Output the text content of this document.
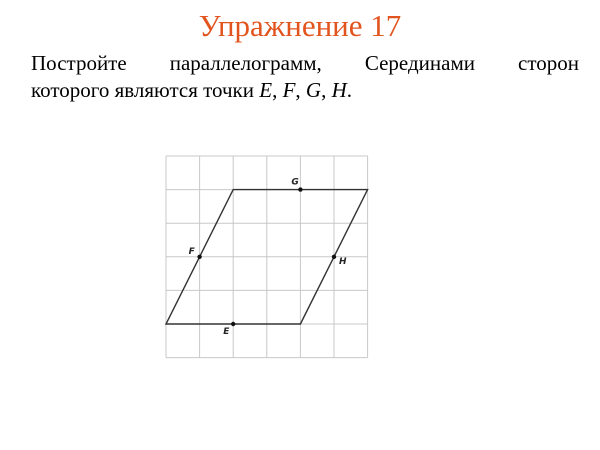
Упражнение 17
Постройте параллелограмм, Серединами сторон
которого являются точки E, F, G, H.
E
F
G
H
